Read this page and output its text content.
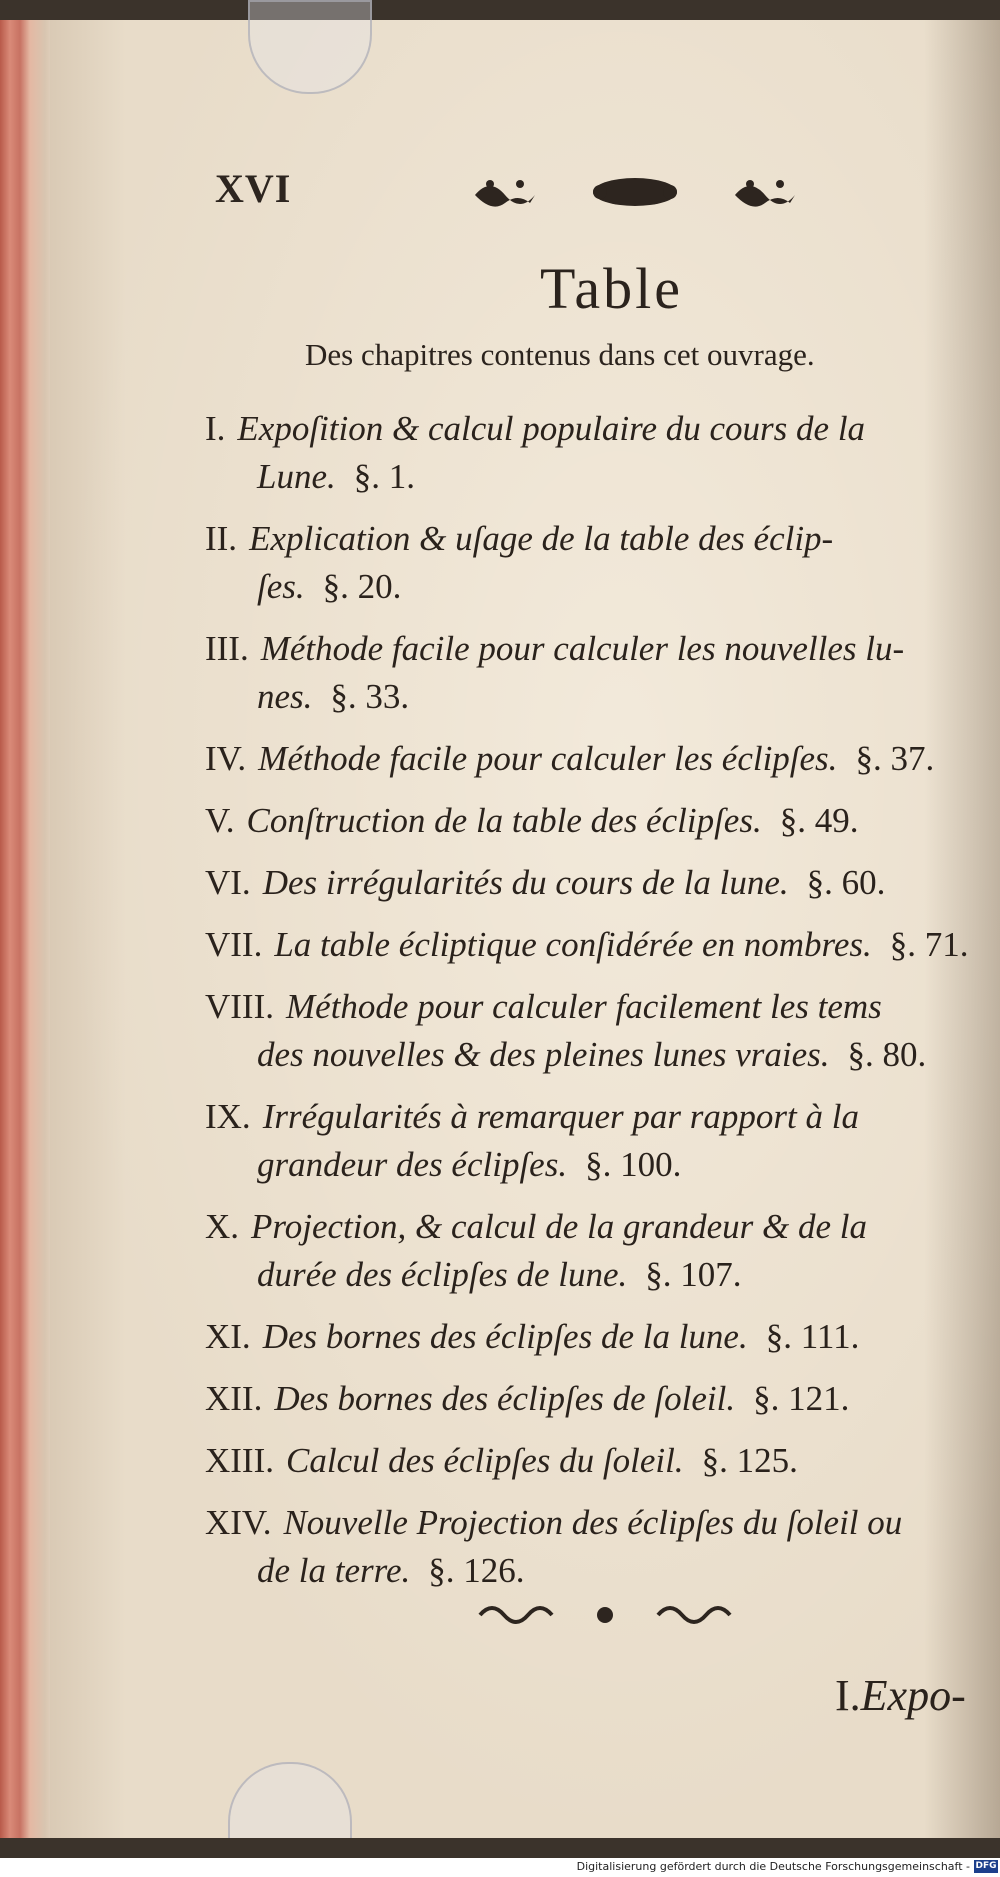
XVI
Table
Des chapitres contenus dans cet ouvrage.
I. Expoſition & calcul populaire du cours de la
Lune. §. 1.
II. Explication & uſage de la table des éclip-
ſes. §. 20.
III. Méthode facile pour calculer les nouvelles lu-
nes. §. 33.
IV. Méthode facile pour calculer les éclipſes. §. 37.
V. Conſtruction de la table des éclipſes. §. 49.
VI. Des irrégularités du cours de la lune. §. 60.
VII. La table écliptique conſidérée en nombres. §. 71.
VIII. Méthode pour calculer facilement les tems
des nouvelles & des pleines lunes vraies. §. 80.
IX. Irrégularités à remarquer par rapport à la
grandeur des éclipſes. §. 100.
X. Projection, & calcul de la grandeur & de la
durée des éclipſes de lune. §. 107.
XI. Des bornes des éclipſes de la lune. §. 111.
XII. Des bornes des éclipſes de ſoleil. §. 121.
XIII. Calcul des éclipſes du ſoleil. §. 125.
XIV. Nouvelle Projection des éclipſes du ſoleil ou
de la terre. §. 126.
I.Expo-
Digitalisierung gefördert durch die Deutsche Forschungsgemeinschaft - DFG
